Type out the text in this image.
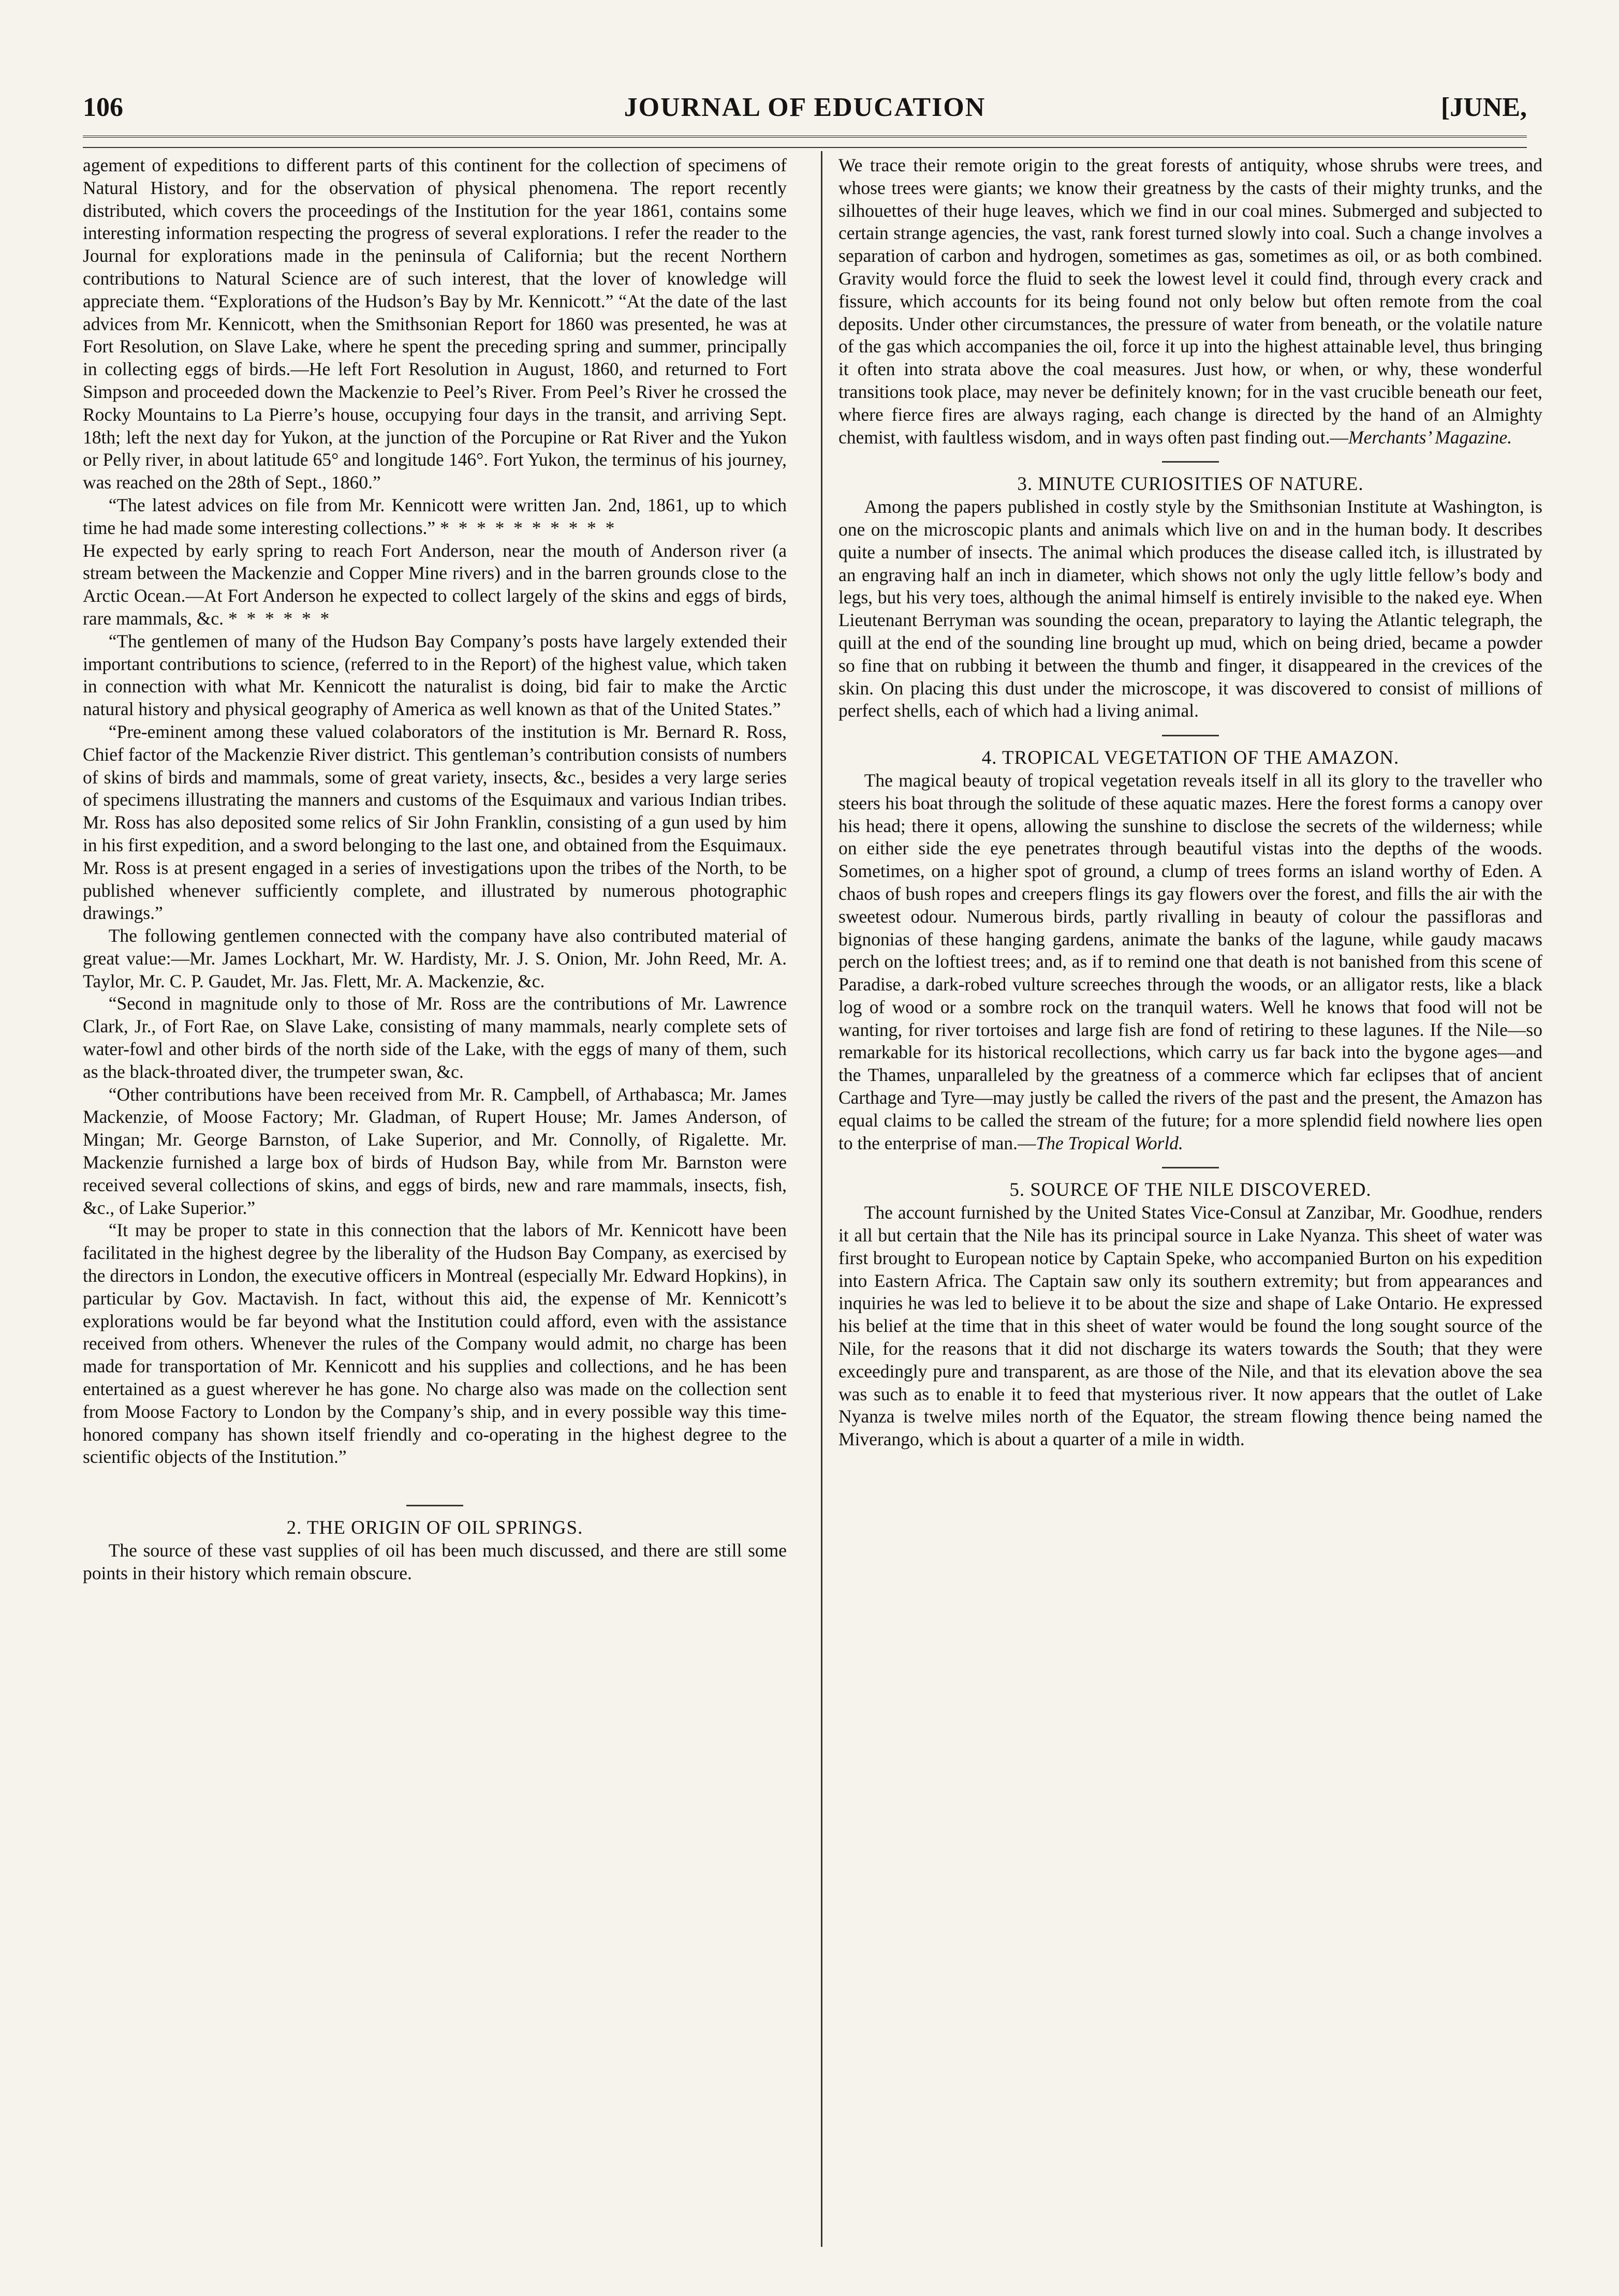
106	JOURNAL OF EDUCATION	[JUNE,

agement of expeditions to different parts of this continent for the collection of specimens of Natural History, and for the observation of physical phenomena. The report recently distributed, which covers the proceedings of the Institution for the year 1861, contains some interesting information respecting the progress of several explorations. I refer the reader to the Journal for explorations made in the peninsula of California; but the recent Northern contributions to Natural Science are of such interest, that the lover of knowledge will appreciate them. “Explorations of the Hudson’s Bay by Mr. Kennicott.” “At the date of the last advices from Mr. Kennicott, when the Smithsonian Report for 1860 was presented, he was at Fort Resolution, on Slave Lake, where he spent the preceding spring and summer, principally in collecting eggs of birds.—He left Fort Resolution in August, 1860, and returned to Fort Simpson and proceeded down the Mackenzie to Peel’s River. From Peel’s River he crossed the Rocky Mountains to La Pierre’s house, occupying four days in the transit, and arriving Sept. 18th; left the next day for Yukon, at the junction of the Porcupine or Rat River and the Yukon or Pelly river, in about latitude 65° and longitude 146°. Fort Yukon, the terminus of his journey, was reached on the 28th of Sept., 1860.”

“The latest advices on file from Mr. Kennicott were written Jan. 2nd, 1861, up to which time he had made some interesting collections.” *  *  *  *  *  *  *  *  *  *

He expected by early spring to reach Fort Anderson, near the mouth of Anderson river (a stream between the Mackenzie and Copper Mine rivers) and in the barren grounds close to the Arctic Ocean.—At Fort Anderson he expected to collect largely of the skins and eggs of birds, rare mammals, &c. *  *  *  *  *  *

“The gentlemen of many of the Hudson Bay Company’s posts have largely extended their important contributions to science, (referred to in the Report) of the highest value, which taken in connection with what Mr. Kennicott the naturalist is doing, bid fair to make the Arctic natural history and physical geography of America as well known as that of the United States.”

“Pre-eminent among these valued colaborators of the institution is Mr. Bernard R. Ross, Chief factor of the Mackenzie River district. This gentleman’s contribution consists of numbers of skins of birds and mammals, some of great variety, insects, &c., besides a very large series of specimens illustrating the manners and customs of the Esquimaux and various Indian tribes. Mr. Ross has also deposited some relics of Sir John Franklin, consisting of a gun used by him in his first expedition, and a sword belonging to the last one, and obtained from the Esquimaux. Mr. Ross is at present engaged in a series of investigations upon the tribes of the North, to be published whenever sufficiently complete, and illustrated by numerous photographic drawings.”

The following gentlemen connected with the company have also contributed material of great value:—Mr. James Lockhart, Mr. W. Hardisty, Mr. J. S. Onion, Mr. John Reed, Mr. A. Taylor, Mr. C. P. Gaudet, Mr. Jas. Flett, Mr. A. Mackenzie, &c.

“Second in magnitude only to those of Mr. Ross are the contributions of Mr. Lawrence Clark, Jr., of Fort Rae, on Slave Lake, consisting of many mammals, nearly complete sets of water-fowl and other birds of the north side of the Lake, with the eggs of many of them, such as the black-throated diver, the trumpeter swan, &c.

“Other contributions have been received from Mr. R. Campbell, of Arthabasca; Mr. James Mackenzie, of Moose Factory; Mr. Gladman, of Rupert House; Mr. James Anderson, of Mingan; Mr. George Barnston, of Lake Superior, and Mr. Connolly, of Rigalette. Mr. Mackenzie furnished a large box of birds of Hudson Bay, while from Mr. Barnston were received several collections of skins, and eggs of birds, new and rare mammals, insects, fish, &c., of Lake Superior.”

“It may be proper to state in this connection that the labors of Mr. Kennicott have been facilitated in the highest degree by the liberality of the Hudson Bay Company, as exercised by the directors in London, the executive officers in Montreal (especially Mr. Edward Hopkins), in particular by Gov. Mactavish. In fact, without this aid, the expense of Mr. Kennicott’s explorations would be far beyond what the Institution could afford, even with the assistance received from others. Whenever the rules of the Company would admit, no charge has been made for transportation of Mr. Kennicott and his supplies and collections, and he has been entertained as a guest wherever he has gone. No charge also was made on the collection sent from Moose Factory to London by the Company’s ship, and in every possible way this time-honored company has shown itself friendly and co-operating in the highest degree to the scientific objects of the Institution.”

2. THE ORIGIN OF OIL SPRINGS.

The source of these vast supplies of oil has been much discussed, and there are still some points in their history which remain obscure.

We trace their remote origin to the great forests of antiquity, whose shrubs were trees, and whose trees were giants; we know their greatness by the casts of their mighty trunks, and the silhouettes of their huge leaves, which we find in our coal mines. Submerged and subjected to certain strange agencies, the vast, rank forest turned slowly into coal. Such a change involves a separation of carbon and hydrogen, sometimes as gas, sometimes as oil, or as both combined. Gravity would force the fluid to seek the lowest level it could find, through every crack and fissure, which accounts for its being found not only below but often remote from the coal deposits. Under other circumstances, the pressure of water from beneath, or the volatile nature of the gas which accompanies the oil, force it up into the highest attainable level, thus bringing it often into strata above the coal measures. Just how, or when, or why, these wonderful transitions took place, may never be definitely known; for in the vast crucible beneath our feet, where fierce fires are always raging, each change is directed by the hand of an Almighty chemist, with faultless wisdom, and in ways often past finding out.—Merchants’ Magazine.

3. MINUTE CURIOSITIES OF NATURE.

Among the papers published in costly style by the Smithsonian Institute at Washington, is one on the microscopic plants and animals which live on and in the human body. It describes quite a number of insects. The animal which produces the disease called itch, is illustrated by an engraving half an inch in diameter, which shows not only the ugly little fellow’s body and legs, but his very toes, although the animal himself is entirely invisible to the naked eye. When Lieutenant Berryman was sounding the ocean, preparatory to laying the Atlantic telegraph, the quill at the end of the sounding line brought up mud, which on being dried, became a powder so fine that on rubbing it between the thumb and finger, it disappeared in the crevices of the skin. On placing this dust under the microscope, it was discovered to consist of millions of perfect shells, each of which had a living animal.

4. TROPICAL VEGETATION OF THE AMAZON.

The magical beauty of tropical vegetation reveals itself in all its glory to the traveller who steers his boat through the solitude of these aquatic mazes. Here the forest forms a canopy over his head; there it opens, allowing the sunshine to disclose the secrets of the wilderness; while on either side the eye penetrates through beautiful vistas into the depths of the woods. Sometimes, on a higher spot of ground, a clump of trees forms an island worthy of Eden. A chaos of bush ropes and creepers flings its gay flowers over the forest, and fills the air with the sweetest odour. Numerous birds, partly rivalling in beauty of colour the passifloras and bignonias of these hanging gardens, animate the banks of the lagune, while gaudy macaws perch on the loftiest trees; and, as if to remind one that death is not banished from this scene of Paradise, a dark-robed vulture screeches through the woods, or an alligator rests, like a black log of wood or a sombre rock on the tranquil waters. Well he knows that food will not be wanting, for river tortoises and large fish are fond of retiring to these lagunes. If the Nile—so remarkable for its historical recollections, which carry us far back into the bygone ages—and the Thames, unparalleled by the greatness of a commerce which far eclipses that of ancient Carthage and Tyre—may justly be called the rivers of the past and the present, the Amazon has equal claims to be called the stream of the future; for a more splendid field nowhere lies open to the enterprise of man.—The Tropical World.

5. SOURCE OF THE NILE DISCOVERED.

The account furnished by the United States Vice-Consul at Zanzibar, Mr. Goodhue, renders it all but certain that the Nile has its principal source in Lake Nyanza. This sheet of water was first brought to European notice by Captain Speke, who accompanied Burton on his expedition into Eastern Africa. The Captain saw only its southern extremity; but from appearances and inquiries he was led to believe it to be about the size and shape of Lake Ontario. He expressed his belief at the time that in this sheet of water would be found the long sought source of the Nile, for the reasons that it did not discharge its waters towards the South; that they were exceedingly pure and transparent, as are those of the Nile, and that its elevation above the sea was such as to enable it to feed that mysterious river. It now appears that the outlet of Lake Nyanza is twelve miles north of the Equator, the stream flowing thence being named the Miverango, which is about a quarter of a mile in width.
